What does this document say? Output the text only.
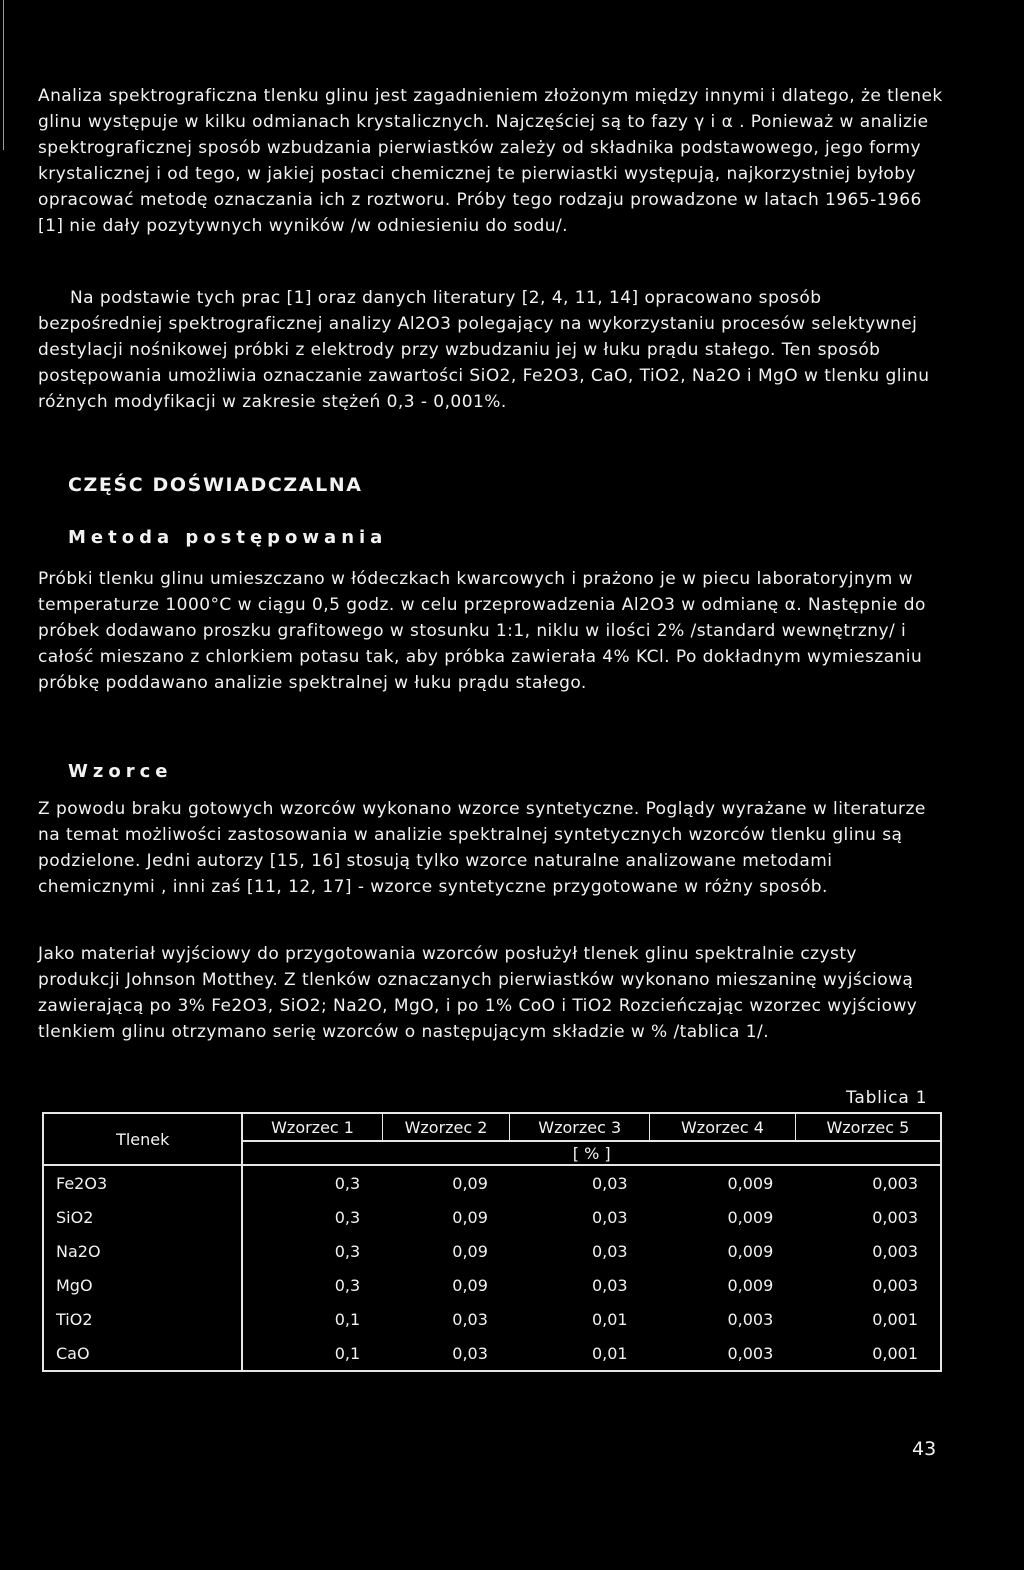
Analiza spektrograficzna tlenku glinu jest zagadnieniem złożonym między innymi i dlatego, że tlenek glinu występuje w kilku odmianach krystalicznych. Najczęściej są to fazy γ i α . Ponieważ w analizie spektrograficznej sposób wzbudzania pierwiastków zależy od składnika podstawowego, jego formy krystalicznej i od tego, w jakiej postaci chemicznej te pierwiastki występują, najkorzystniej byłoby opracować metodę oznaczania ich z roztworu. Próby tego rodzaju prowadzone w latach 1965-1966 [1] nie dały pozytywnych wyników /w odniesieniu do sodu/.

Na podstawie tych prac [1] oraz danych literatury [2, 4, 11, 14] opracowano sposób bezpośredniej spektrograficznej analizy Al2O3 polegający na wykorzystaniu procesów selektywnej destylacji nośnikowej próbki z elektrody przy wzbudzaniu jej w łuku prądu stałego. Ten sposób postępowania umożliwia oznaczanie zawartości SiO2, Fe2O3, CaO, TiO2, Na2O i MgO w tlenku glinu różnych modyfikacji w zakresie stężeń 0,3 - 0,001%.

CZĘŚC DOŚWIADCZALNA
Metoda postępowania

Próbki tlenku glinu umieszczano w łódeczkach kwarcowych i prażono je w piecu laboratoryjnym w temperaturze 1000°C w ciągu 0,5 godz. w celu przeprowadzenia Al2O3 w odmianę α. Następnie do próbek dodawano proszku grafitowego w stosunku 1:1, niklu w ilości 2% /standard wewnętrzny/ i całość mieszano z chlorkiem potasu tak, aby próbka zawierała 4% KCl. Po dokładnym wymieszaniu próbkę poddawano analizie spektralnej w łuku prądu stałego.

Wzorce

Z powodu braku gotowych wzorców wykonano wzorce syntetyczne. Poglądy wyrażane w literaturze na temat możliwości zastosowania w analizie spektralnej syntetycznych wzorców tlenku glinu są podzielone. Jedni autorzy [15, 16] stosują tylko wzorce naturalne analizowane metodami chemicznymi , inni zaś [11, 12, 17] - wzorce syntetyczne przygotowane w różny sposób.

Jako materiał wyjściowy do przygotowania wzorców posłużył tlenek glinu spektralnie czysty produkcji Johnson Motthey. Z tlenków oznaczanych pierwiastków wykonano mieszaninę wyjściową zawierającą po 3% Fe2O3, SiO2; Na2O, MgO, i po 1% CoO i TiO2 Rozcieńczając wzorzec wyjściowy tlenkiem glinu otrzymano serię wzorców o następującym składzie w % /tablica 1/.

Tablica 1

Tlenek	Wzorzec 1	Wzorzec 2	Wzorzec 3	Wzorzec 4	Wzorzec 5
	[ % ]				
Fe2O3	0,3	0,09	0,03	0,009	0,003
SiO2	0,3	0,09	0,03	0,009	0,003
Na2O	0,3	0,09	0,03	0,009	0,003
MgO	0,3	0,09	0,03	0,009	0,003
TiO2	0,1	0,03	0,01	0,003	0,001
CaO	0,1	0,03	0,01	0,003	0,001

43
